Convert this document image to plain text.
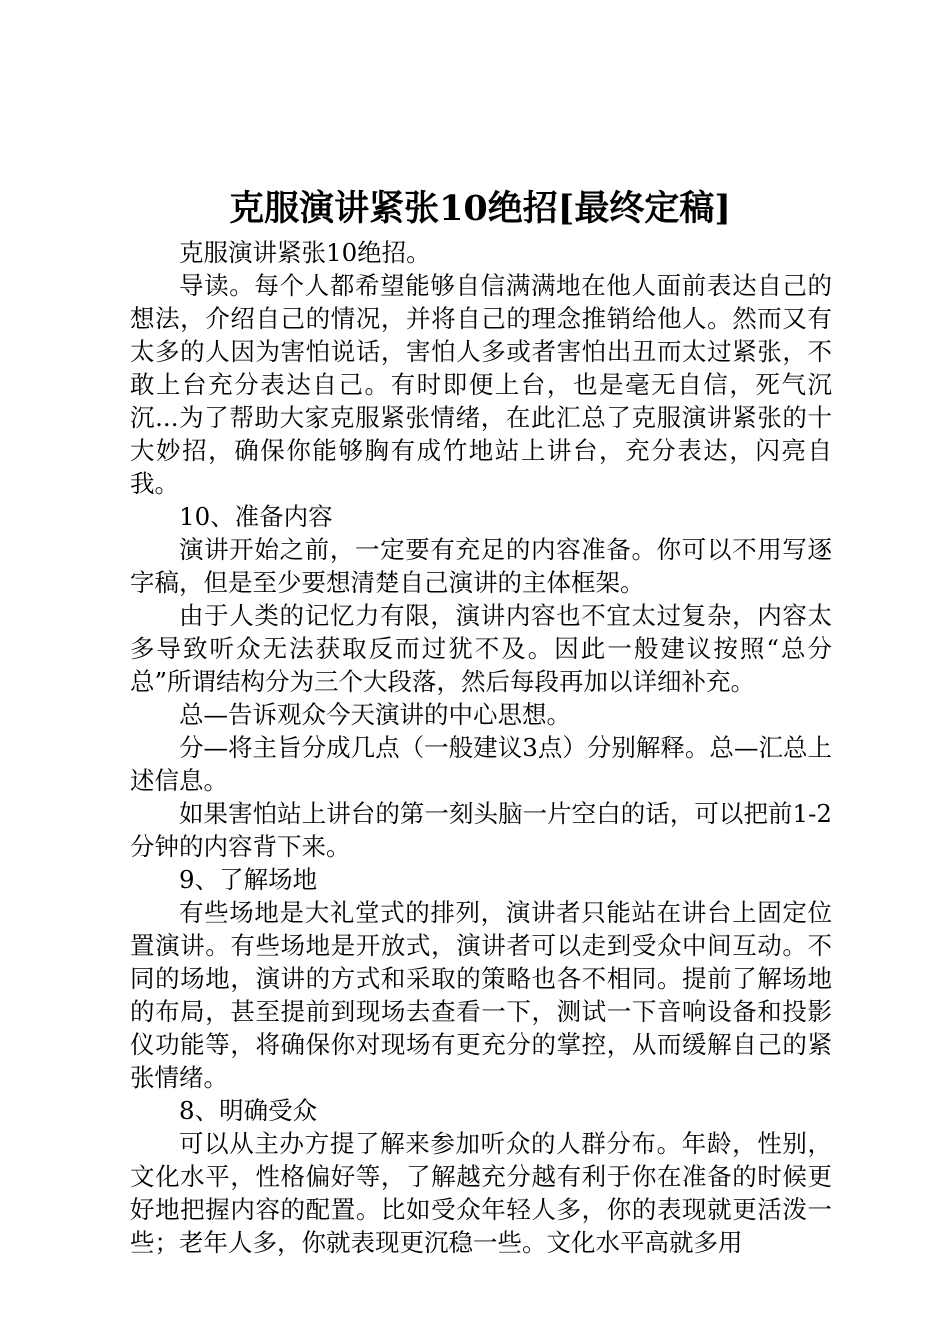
克服演讲紧张10绝招[最终定稿]

克服演讲紧张10绝招。

导读。每个人都希望能够自信满满地在他人面前表达自己的想法，介绍自己的情况，并将自己的理念推销给他人。然而又有太多的人因为害怕说话，害怕人多或者害怕出丑而太过紧张，不敢上台充分表达自己。有时即便上台，也是毫无自信，死气沉沉...为了帮助大家克服紧张情绪，在此汇总了克服演讲紧张的十大妙招，确保你能够胸有成竹地站上讲台，充分表达，闪亮自我。

10、准备内容

演讲开始之前，一定要有充足的内容准备。你可以不用写逐字稿，但是至少要想清楚自己演讲的主体框架。

由于人类的记忆力有限，演讲内容也不宜太过复杂，内容太多导致听众无法获取反而过犹不及。因此一般建议按照“总分总”所谓结构分为三个大段落，然后每段再加以详细补充。

总—告诉观众今天演讲的中心思想。

分—将主旨分成几点（一般建议3点）分别解释。总—汇总上述信息。

如果害怕站上讲台的第一刻头脑一片空白的话，可以把前1-2分钟的内容背下来。

9、了解场地

有些场地是大礼堂式的排列，演讲者只能站在讲台上固定位置演讲。有些场地是开放式，演讲者可以走到受众中间互动。不同的场地，演讲的方式和采取的策略也各不相同。提前了解场地的布局，甚至提前到现场去查看一下，测试一下音响设备和投影仪功能等，将确保你对现场有更充分的掌控，从而缓解自己的紧张情绪。

8、明确受众

可以从主办方提了解来参加听众的人群分布。年龄，性别，文化水平，性格偏好等，了解越充分越有利于你在准备的时候更好地把握内容的配置。比如受众年轻人多，你的表现就更活泼一些；老年人多，你就表现更沉稳一些。文化水平高就多用
